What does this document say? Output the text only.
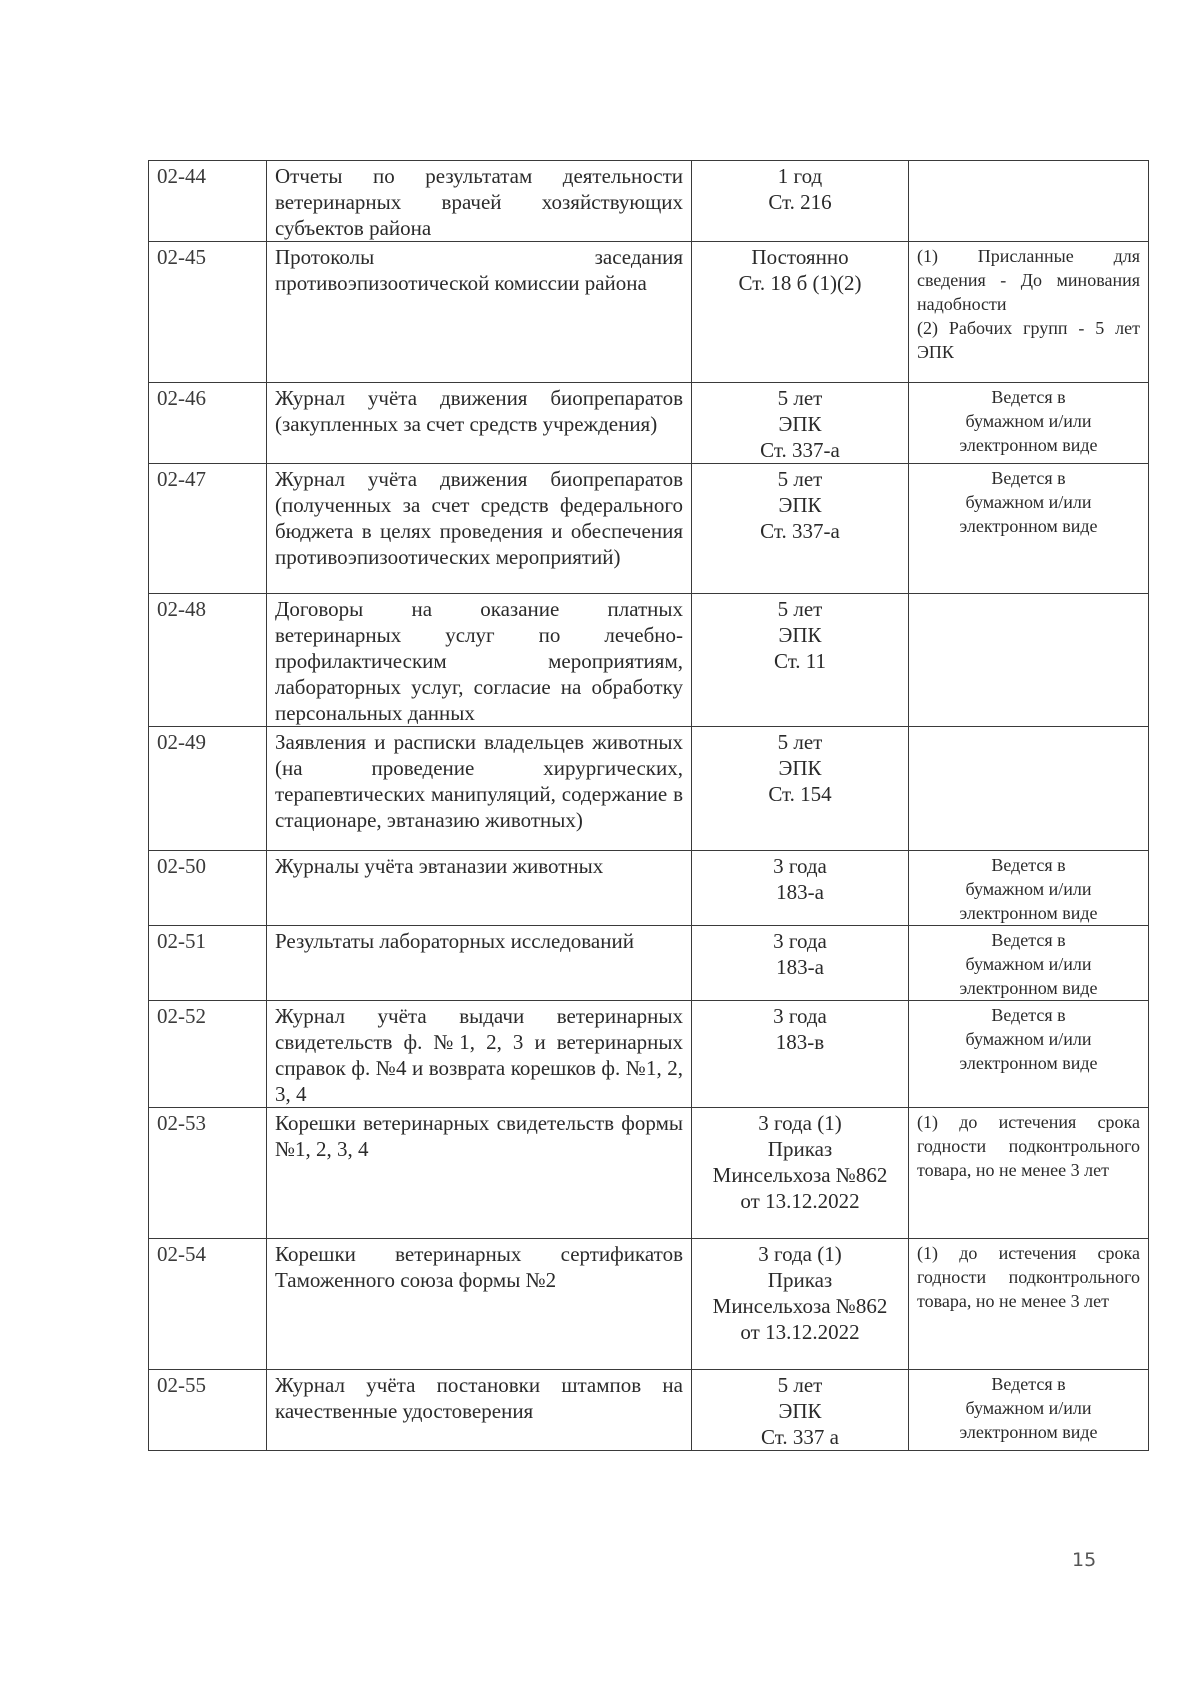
02-44	Отчеты по результатам деятельности ветеринарных врачей хозяйствующих субъектов района	1 год
Ст. 216	

02-45	Протоколы заседания противоэпизоотической комиссии района	Постоянно
Ст. 18 б (1)(2)	(1) Присланные для сведения - До минования надобности
(2) Рабочих групп - 5 лет ЭПК

02-46	Журнал учёта движения биопрепаратов (закупленных за счет средств учреждения)	5 лет
ЭПК
Ст. 337-а	Ведется в
бумажном и/или
электронном виде

02-47	Журнал учёта движения биопрепаратов (полученных за счет средств федерального бюджета в целях проведения и обеспечения противоэпизоотических мероприятий)	5 лет
ЭПК
Ст. 337-а	Ведется в
бумажном и/или
электронном виде

02-48	Договоры на оказание платных ветеринарных услуг по лечебно-профилактическим мероприятиям, лабораторных услуг, согласие на обработку персональных данных	5 лет
ЭПК
Ст. 11	

02-49	Заявления и расписки владельцев животных (на проведение хирургических, терапевтических манипуляций, содержание в стационаре, эвтаназию животных)	5 лет
ЭПК
Ст. 154	

02-50	Журналы учёта эвтаназии животных	3 года
183-а	Ведется в
бумажном и/или
электронном виде

02-51	Результаты лабораторных исследований	3 года
183-а	Ведется в
бумажном и/или
электронном виде

02-52	Журнал учёта выдачи ветеринарных свидетельств ф. №1, 2, 3 и ветеринарных справок ф. №4 и возврата корешков ф. №1, 2, 3, 4	3 года
183-в	Ведется в
бумажном и/или
электронном виде

02-53	Корешки ветеринарных свидетельств формы №1, 2, 3, 4	3 года (1)
Приказ
Минсельхоза №862
от 13.12.2022	(1) до истечения срока годности подконтрольного товара, но не менее 3 лет

02-54	Корешки ветеринарных сертификатов Таможенного союза формы №2	3 года (1)
Приказ
Минсельхоза №862
от 13.12.2022	(1) до истечения срока годности подконтрольного товара, но не менее 3 лет

02-55	Журнал учёта постановки штампов на качественные удостоверения	5 лет
ЭПК
Ст. 337 а	Ведется в
бумажном и/или
электронном виде
15
